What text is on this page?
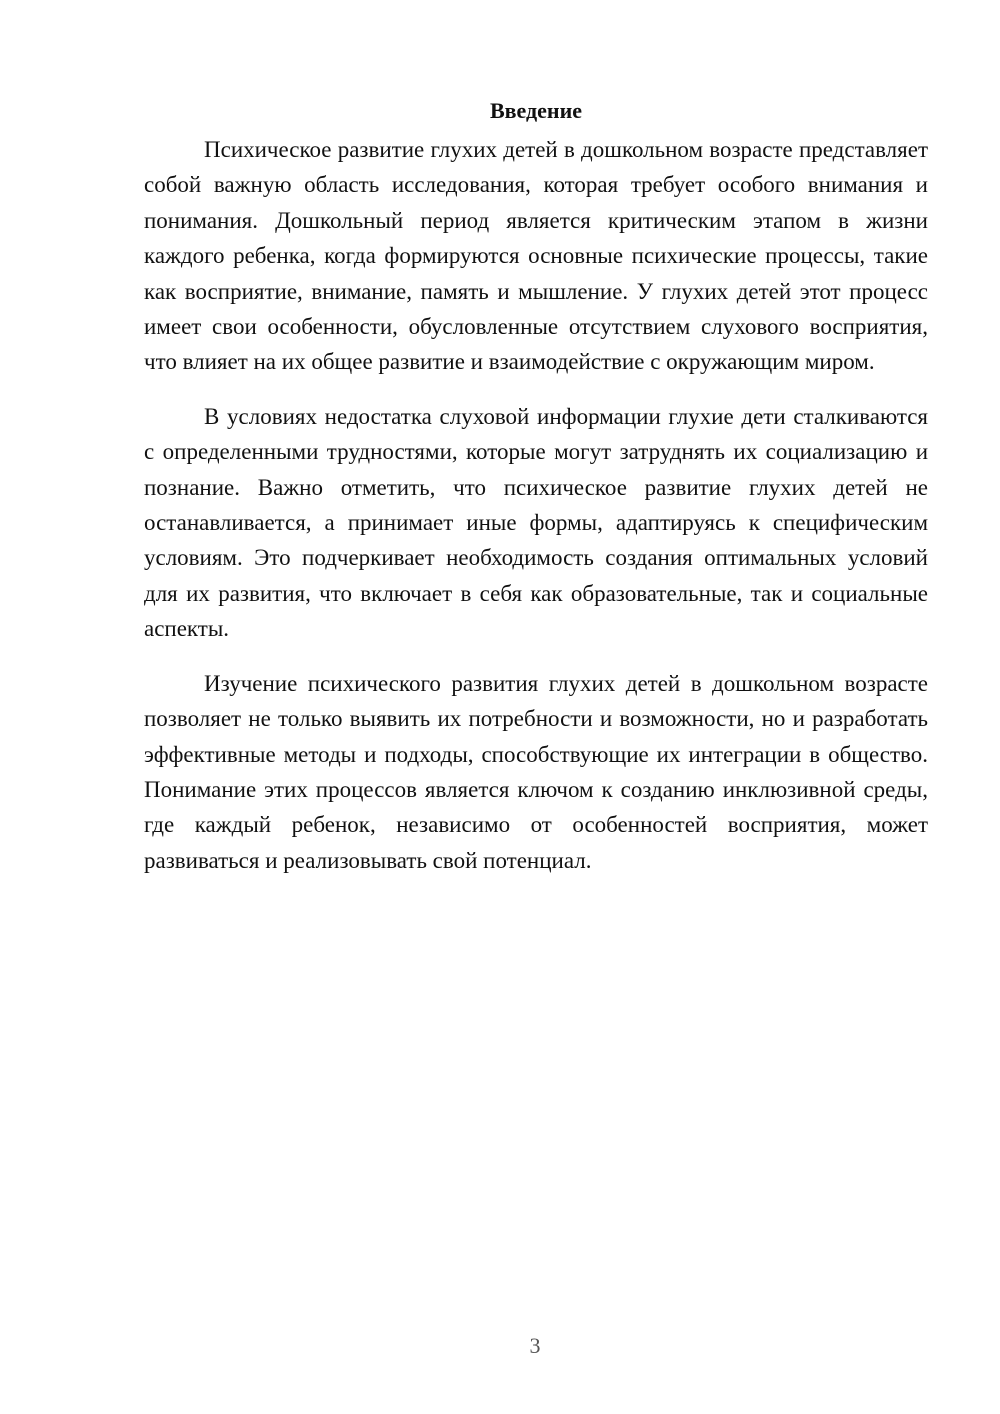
Введение

Психическое развитие глухих детей в дошкольном возрасте представляет собой важную область исследования, которая требует особого внимания и понимания. Дошкольный период является критическим этапом в жизни каждого ребенка, когда формируются основные психические процессы, такие как восприятие, внимание, память и мышление. У глухих детей этот процесс имеет свои особенности, обусловленные отсутствием слухового восприятия, что влияет на их общее развитие и взаимодействие с окружающим миром.

В условиях недостатка слуховой информации глухие дети сталкиваются с определенными трудностями, которые могут затруднять их социализацию и познание. Важно отметить, что психическое развитие глухих детей не останавливается, а принимает иные формы, адаптируясь к специфическим условиям. Это подчеркивает необходимость создания оптимальных условий для их развития, что включает в себя как образовательные, так и социальные аспекты.

Изучение психического развития глухих детей в дошкольном возрасте позволяет не только выявить их потребности и возможности, но и разработать эффективные методы и подходы, способствующие их интеграции в общество. Понимание этих процессов является ключом к созданию инклюзивной среды, где каждый ребенок, независимо от особенностей восприятия, может развиваться и реализовывать свой потенциал.

3
